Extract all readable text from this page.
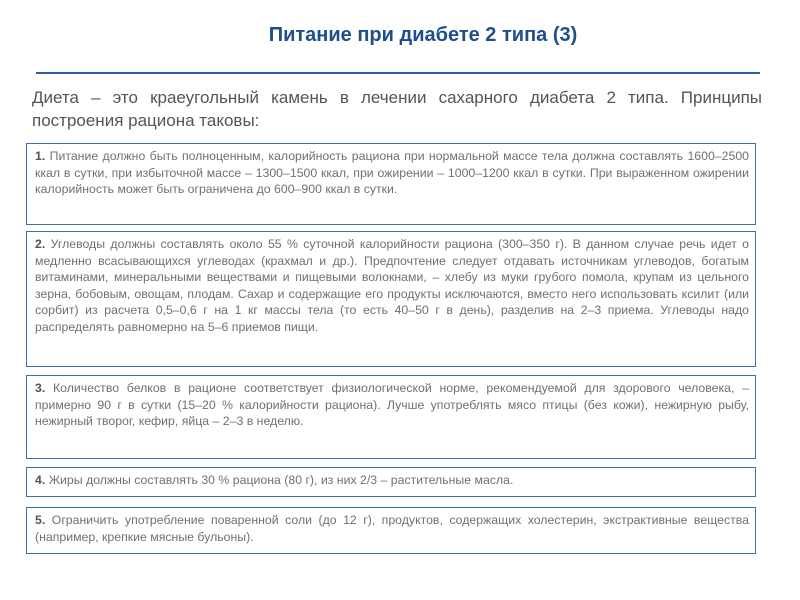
Питание при диабете 2 типа (3)

Диета – это краеугольный камень в лечении сахарного диабета 2 типа. Принципы построения рациона таковы:

1. Питание должно быть полноценным, калорийность рациона при нормальной массе тела должна составлять 1600–2500 ккал в сутки, при избыточной массе – 1300–1500 ккал, при ожирении – 1000–1200 ккал в сутки. При выраженном ожирении калорийность может быть ограничена до 600–900 ккал в сутки.
2. Углеводы должны составлять около 55 % суточной калорийности рациона (300–350 г). В данном случае речь идет о медленно всасывающихся углеводах (крахмал и др.). Предпочтение следует отдавать источникам углеводов, богатым витаминами, минеральными веществами и пищевыми волокнами, – хлебу из муки грубого помола, крупам из цельного зерна, бобовым, овощам, плодам. Сахар и содержащие его продукты исключаются, вместо него использовать ксилит (или сорбит) из расчета 0,5–0,6 г на 1 кг массы тела (то есть 40–50 г в день), разделив на 2–3 приема. Углеводы надо распределять равномерно на 5–6 приемов пищи.
3. Количество белков в рационе соответствует физиологической норме, рекомендуемой для здорового человека, – примерно 90 г в сутки (15–20 % калорийности рациона). Лучше употреблять мясо птицы (без кожи), нежирную рыбу, нежирный творог, кефир, яйца – 2–3 в неделю.
4. Жиры должны составлять 30 % рациона (80 г), из них 2/3 – растительные масла.
5. Ограничить употребление поваренной соли (до 12 г), продуктов, содержащих холестерин, экстрактивные вещества (например, крепкие мясные бульоны).
